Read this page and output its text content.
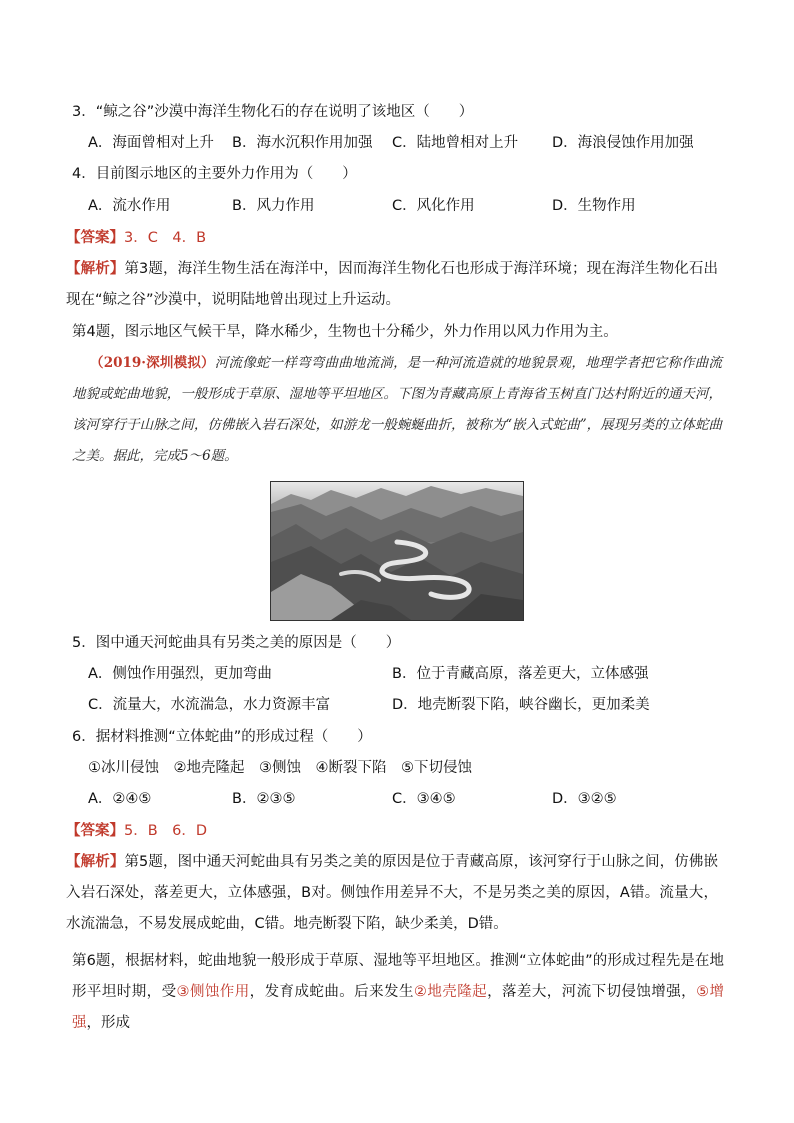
3．“鲸之谷”沙漠中海洋生物化石的存在说明了该地区（　　）
A．海面曾相对上升 B．海水沉积作用加强 C．陆地曾相对上升 D．海浪侵蚀作用加强
4．目前图示地区的主要外力作用为（　　）
A．流水作用	B．风力作用	C．风化作用	D．生物作用
【答案】3．C　4．B
【解析】第3题，海洋生物生活在海洋中，因而海洋生物化石也形成于海洋环境；现在海洋生物化石出现在“鲸之谷”沙漠中，说明陆地曾出现过上升运动。
第4题，图示地区气候干旱，降水稀少，生物也十分稀少，外力作用以风力作用为主。
（2019·深圳模拟）河流像蛇一样弯弯曲曲地流淌，是一种河流造就的地貌景观，地理学者把它称作曲流地貌或蛇曲地貌，一般形成于草原、湿地等平坦地区。下图为青藏高原上青海省玉树直门达村附近的通天河，该河穿行于山脉之间，仿佛嵌入岩石深处，如游龙一般蜿蜒曲折，被称为“嵌入式蛇曲”，展现另类的立体蛇曲之美。据此，完成5～6题。
5．图中通天河蛇曲具有另类之美的原因是（　　）
A．侧蚀作用强烈，更加弯曲	B．位于青藏高原，落差更大，立体感强
C．流量大，水流湍急，水力资源丰富	D．地壳断裂下陷，峡谷幽长，更加柔美
6．据材料推测“立体蛇曲”的形成过程（　　）
①冰川侵蚀　②地壳隆起　③侧蚀　④断裂下陷　⑤下切侵蚀
A．②④⑤	B．②③⑤	C．③④⑤	D．③②⑤
【答案】5．B　6．D
【解析】第5题，图中通天河蛇曲具有另类之美的原因是位于青藏高原，该河穿行于山脉之间，仿佛嵌入岩石深处，落差更大，立体感强，B对。侧蚀作用差异不大，不是另类之美的原因，A错。流量大，水流湍急，不易发展成蛇曲，C错。地壳断裂下陷，缺少柔美，D错。
第6题，根据材料，蛇曲地貌一般形成于草原、湿地等平坦地区。推测“立体蛇曲”的形成过程先是在地形平坦时期，受③侧蚀作用，发育成蛇曲。后来发生②地壳隆起，落差大，河流下切侵蚀增强，⑤增强，形成
